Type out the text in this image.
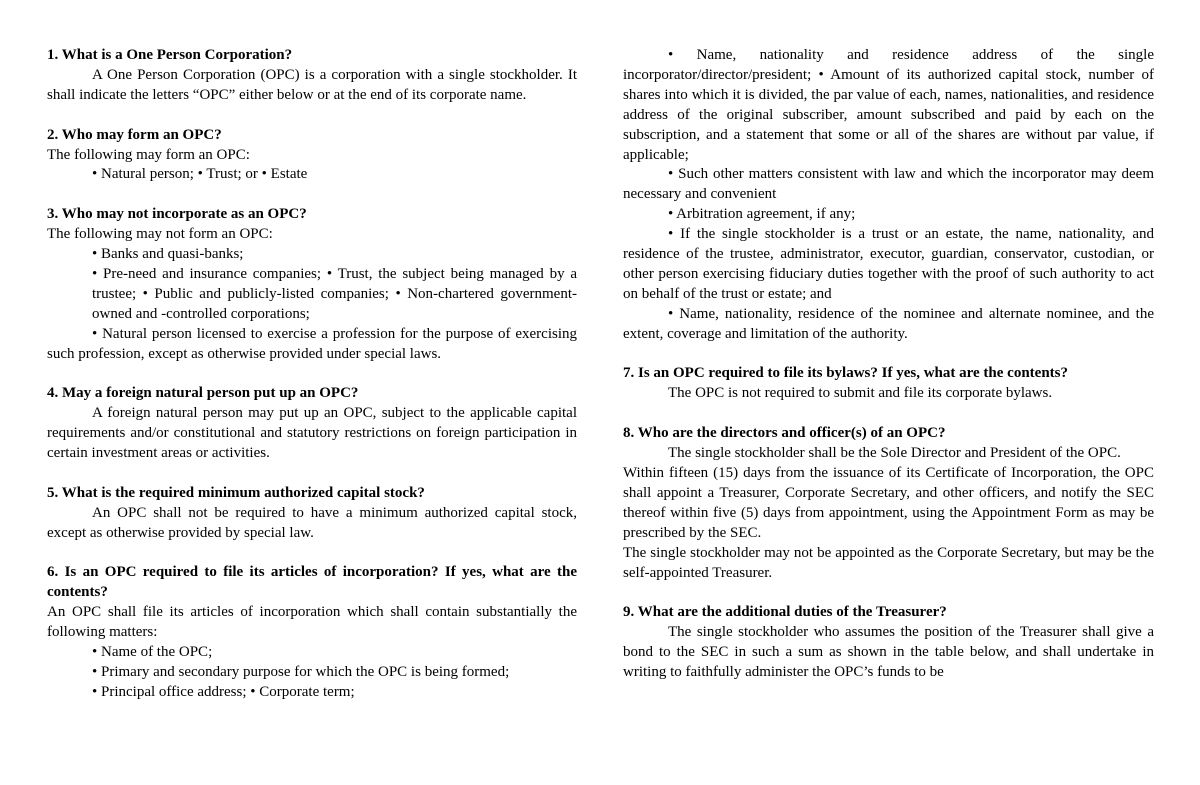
1. What is a One Person Corporation?

A One Person Corporation (OPC) is a corporation with a single stockholder. It shall indicate the letters “OPC” either below or at the end of its corporate name.

2. Who may form an OPC?

The following may form an OPC:

• Natural person; • Trust; or • Estate

3. Who may not incorporate as an OPC?

The following may not form an OPC:

• Banks and quasi-banks;

• Pre-need and insurance companies; • Trust, the subject being managed by a trustee; • Public and publicly-listed companies; • Non-chartered government-owned and -controlled corporations;

• Natural person licensed to exercise a profession for the purpose of exercising such profession, except as otherwise provided under special laws.

4. May a foreign natural person put up an OPC?

A foreign natural person may put up an OPC, subject to the applicable capital requirements and/or constitutional and statutory restrictions on foreign participation in certain investment areas or activities.

5. What is the required minimum authorized capital stock?

An OPC shall not be required to have a minimum authorized capital stock, except as otherwise provided by special law.

6. Is an OPC required to file its articles of incorporation? If yes, what are the contents?

An OPC shall file its articles of incorporation which shall contain substantially the following matters:

• Name of the OPC;

• Primary and secondary purpose for which the OPC is being formed;

• Principal office address; • Corporate term;

• Name, nationality and residence address of the single incorporator/director/president; • Amount of its authorized capital stock, number of shares into which it is divided, the par value of each, names, nationalities, and residence address of the original subscriber, amount subscribed and paid by each on the subscription, and a statement that some or all of the shares are without par value, if applicable;

• Such other matters consistent with law and which the incorporator may deem necessary and convenient

• Arbitration agreement, if any;

• If the single stockholder is a trust or an estate, the name, nationality, and residence of the trustee, administrator, executor, guardian, conservator, custodian, or other person exercising fiduciary duties together with the proof of such authority to act on behalf of the trust or estate; and

• Name, nationality, residence of the nominee and alternate nominee, and the extent, coverage and limitation of the authority.

7. Is an OPC required to file its bylaws? If yes, what are the contents?

The OPC is not required to submit and file its corporate bylaws.

8. Who are the directors and officer(s) of an OPC?

The single stockholder shall be the Sole Director and President of the OPC.

Within fifteen (15) days from the issuance of its Certificate of Incorporation, the OPC shall appoint a Treasurer, Corporate Secretary, and other officers, and notify the SEC thereof within five (5) days from appointment, using the Appointment Form as may be prescribed by the SEC.

The single stockholder may not be appointed as the Corporate Secretary, but may be the self-appointed Treasurer.

9. What are the additional duties of the Treasurer?

The single stockholder who assumes the position of the Treasurer shall give a bond to the SEC in such a sum as shown in the table below, and shall undertake in writing to faithfully administer the OPC’s funds to be
